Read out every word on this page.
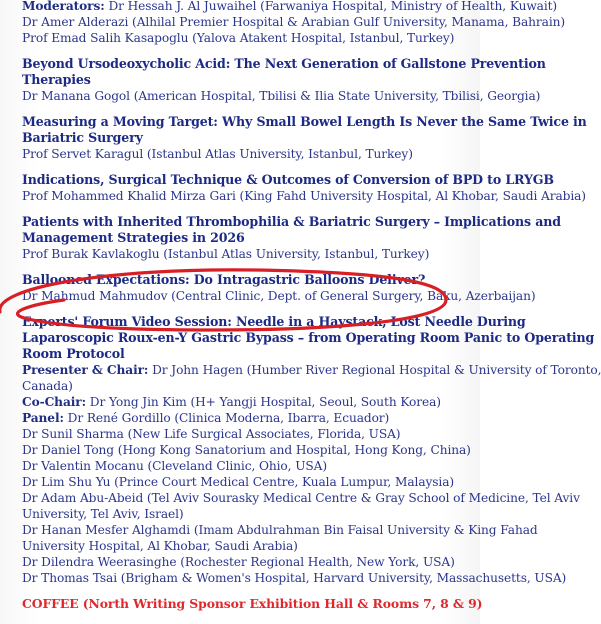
Moderators: Dr Hessah J. Al Juwaihel (Farwaniya Hospital, Ministry of Health, Kuwait)
Dr Amer Alderazi (Alhilal Premier Hospital & Arabian Gulf University, Manama, Bahrain)
Prof Emad Salih Kasapoglu (Yalova Atakent Hospital, Istanbul, Turkey)
Beyond Ursodeoxycholic Acid: The Next Generation of Gallstone Prevention
Therapies
Dr Manana Gogol (American Hospital, Tbilisi & Ilia State University, Tbilisi, Georgia)
Measuring a Moving Target: Why Small Bowel Length Is Never the Same Twice in
Bariatric Surgery
Prof Servet Karagul (Istanbul Atlas University, Istanbul, Turkey)
Indications, Surgical Technique & Outcomes of Conversion of BPD to LRYGB
Prof Mohammed Khalid Mirza Gari (King Fahd University Hospital, Al Khobar, Saudi Arabia)
Patients with Inherited Thrombophilia & Bariatric Surgery – Implications and
Management Strategies in 2026
Prof Burak Kavlakoglu (Istanbul Atlas University, Istanbul, Turkey)
Ballooned Expectations: Do Intragastric Balloons Deliver?
Dr Mahmud Mahmudov (Central Clinic, Dept. of General Surgery, Baku, Azerbaijan)
Experts' Forum Video Session: Needle in a Haystack, Lost Needle During
Laparoscopic Roux-en-Y Gastric Bypass – from Operating Room Panic to Operating
Room Protocol
Presenter & Chair: Dr John Hagen (Humber River Regional Hospital & University of Toronto,
Canada)
Co-Chair: Dr Yong Jin Kim (H+ Yangji Hospital, Seoul, South Korea)
Panel: Dr René Gordillo (Clinica Moderna, Ibarra, Ecuador)
Dr Sunil Sharma (New Life Surgical Associates, Florida, USA)
Dr Daniel Tong (Hong Kong Sanatorium and Hospital, Hong Kong, China)
Dr Valentin Mocanu (Cleveland Clinic, Ohio, USA)
Dr Lim Shu Yu (Prince Court Medical Centre, Kuala Lumpur, Malaysia)
Dr Adam Abu-Abeid (Tel Aviv Sourasky Medical Centre & Gray School of Medicine, Tel Aviv
University, Tel Aviv, Israel)
Dr Hanan Mesfer Alghamdi (Imam Abdulrahman Bin Faisal University & King Fahad
University Hospital, Al Khobar, Saudi Arabia)
Dr Dilendra Weerasinghe (Rochester Regional Health, New York, USA)
Dr Thomas Tsai (Brigham & Women's Hospital, Harvard University, Massachusetts, USA)
COFFEE (North Writing Sponsor Exhibition Hall & Rooms 7, 8 & 9)
